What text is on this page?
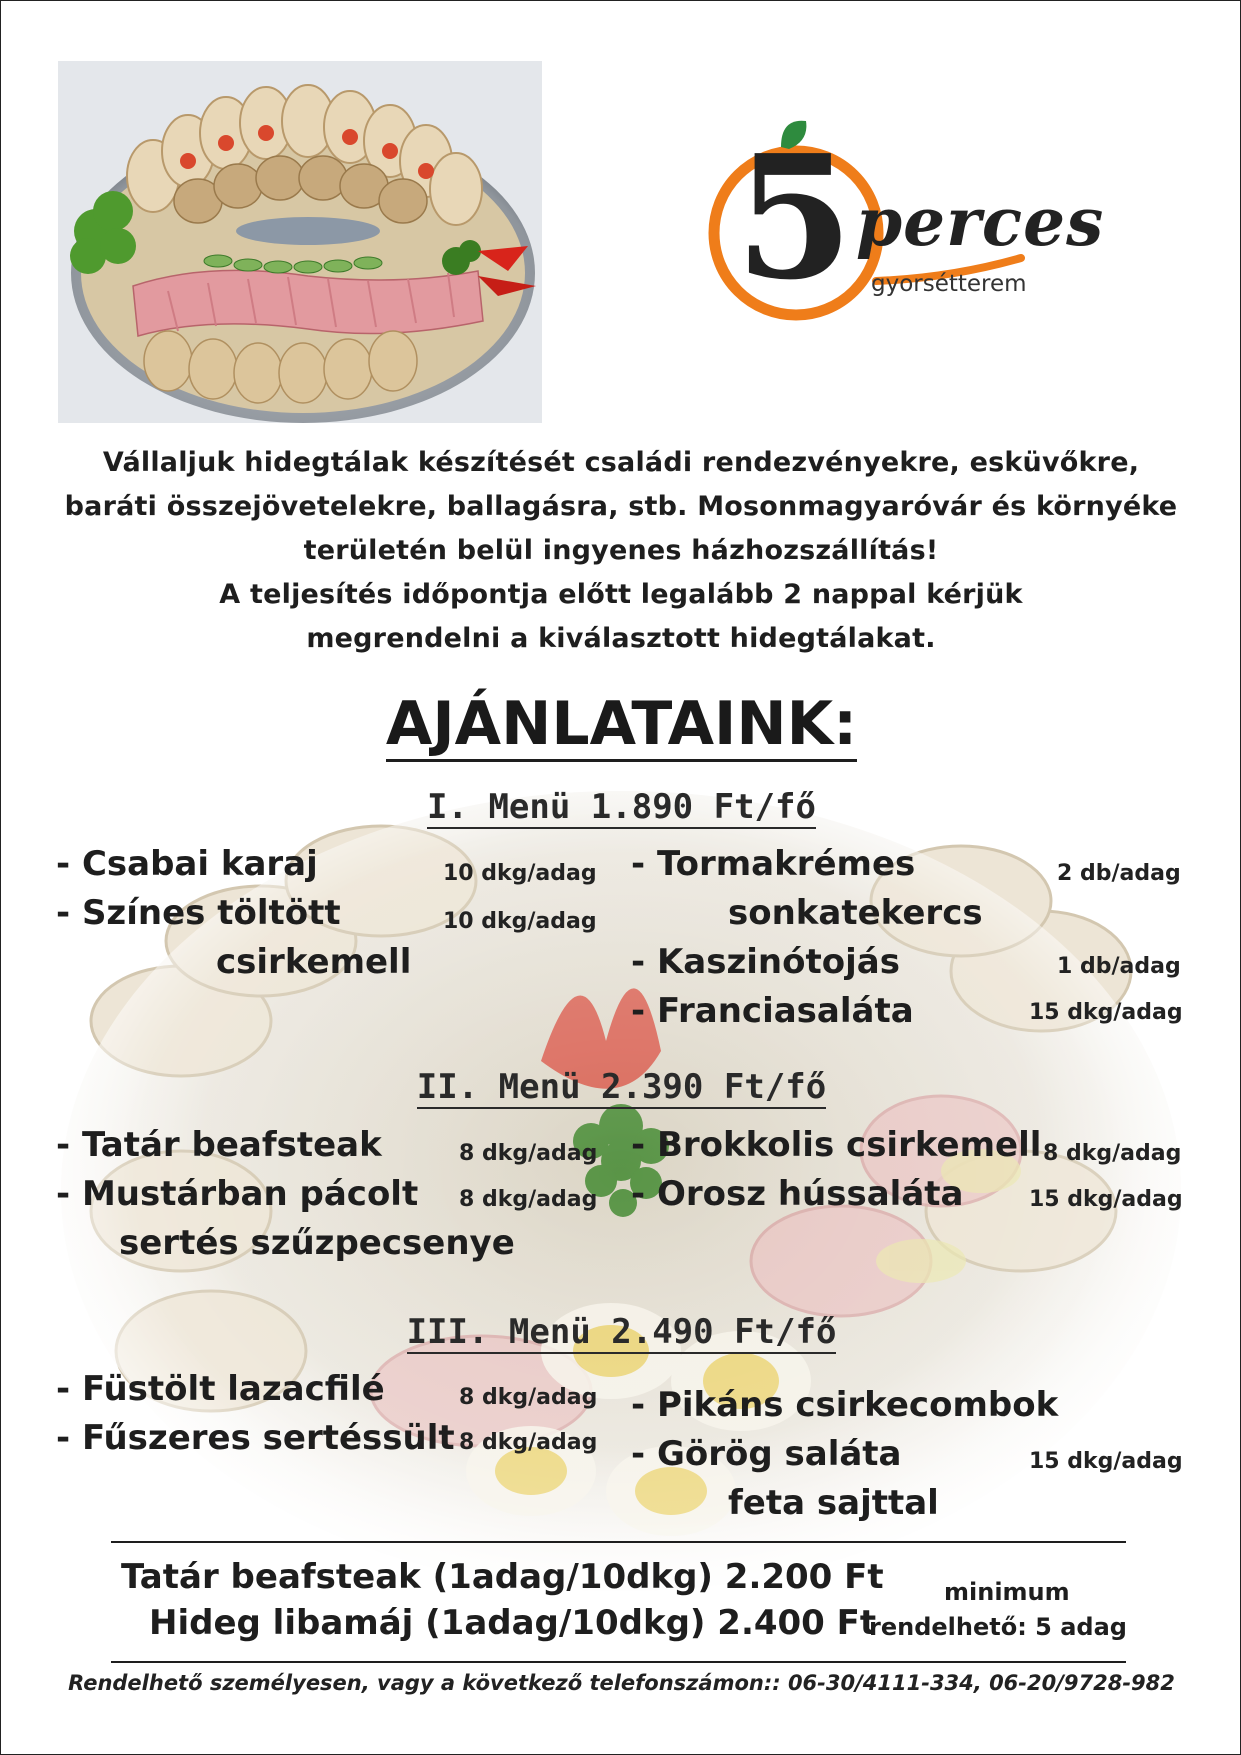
5 perces
gyorsétterem
Vállaljuk hidegtálak készítését családi rendezvényekre, esküvőkre,
baráti összejövetelekre, ballagásra, stb. Mosonmagyaróvár és környéke
területén belül ingyenes házhozszállítás!
A teljesítés időpontja előtt legalább 2 nappal kérjük
megrendelni a kiválasztott hidegtálakat.
AJÁNLATAINK:
I. Menü 1.890 Ft/fő
- Csabai karaj	10 dkg/adag
- Színes töltött	10 dkg/adag
csirkemell
- Tormakrémes	2 db/adag
sonkatekercs
- Kaszinótojás	1 db/adag
- Franciasaláta	15 dkg/adag
II. Menü 2.390 Ft/fő
- Tatár beafsteak	8 dkg/adag
- Mustárban pácolt 8 dkg/adag
sertés szűzpecsenye
- Brokkolis csirkemell 8 dkg/adag
- Orosz hússaláta	15 dkg/adag
III. Menü 2.490 Ft/fő
- Füstölt lazacfilé	8 dkg/adag
- Fűszeres sertéssült 8 dkg/adag
- Pikáns csirkecombok
- Görög saláta	15 dkg/adag
feta sajttal
Tatár beafsteak (1adag/10dkg) 2.200 Ft
Hideg libamáj (1adag/10dkg) 2.400 Ft
minimum
rendelhető: 5 adag
Rendelhető személyesen, vagy a következő telefonszámon:: 06-30/4111-334, 06-20/9728-982
